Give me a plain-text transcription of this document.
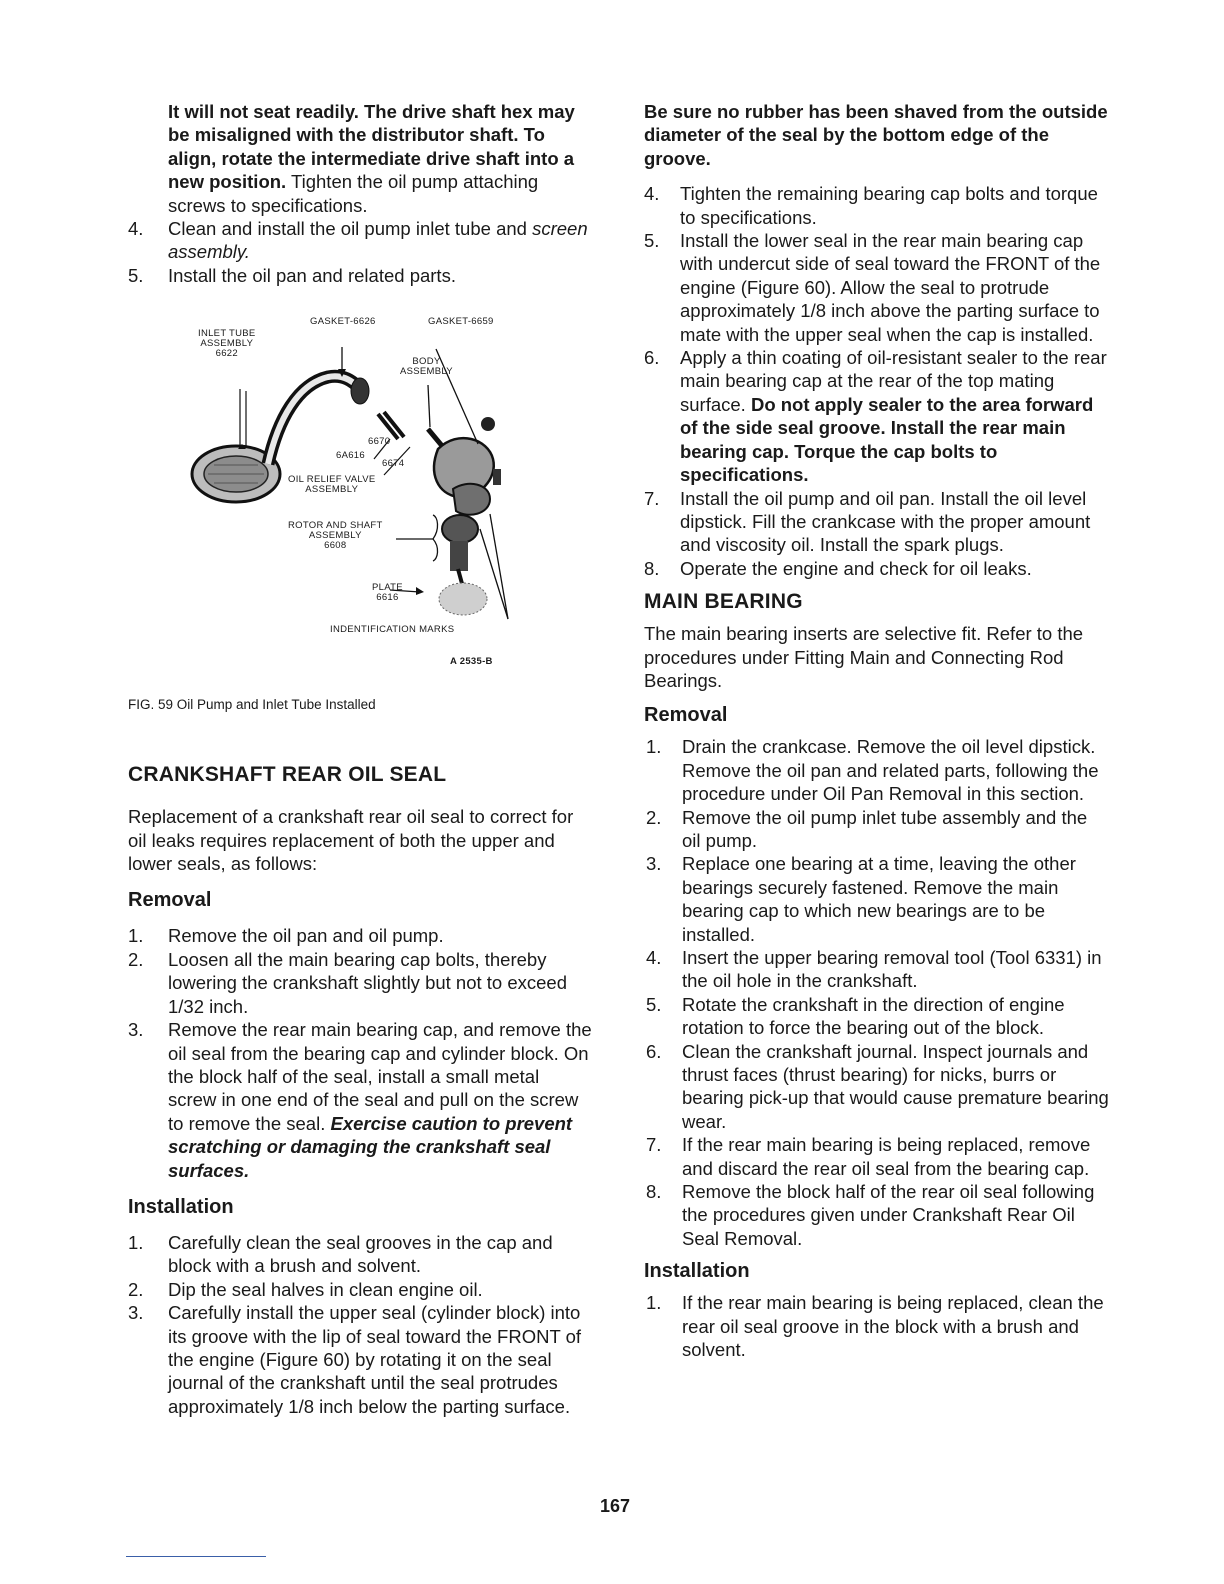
It will not seat readily. The drive shaft hex may be misaligned with the distributor shaft. To align, rotate the intermediate drive shaft into a new position. Tighten the oil pump attaching screws to specifications.
4. Clean and install the oil pump inlet tube and screen assembly.
5. Install the oil pan and related parts.
INLET TUBE
ASSEMBLY
6622
GASKET-6626	GASKET-6659
BODY
ASSEMBLY
6670
6A616
6674
OIL RELIEF VALVE
ASSEMBLY
ROTOR AND SHAFT
ASSEMBLY
6608
PLATE
6616
INDENTIFICATION MARKS
A 2535-B

FIG. 59 Oil Pump and Inlet Tube Installed

CRANKSHAFT REAR OIL SEAL

Replacement of a crankshaft rear oil seal to correct for oil leaks requires replacement of both the upper and lower seals, as follows:

Removal
1. Remove the oil pan and oil pump.
2. Loosen all the main bearing cap bolts, thereby lowering the crankshaft slightly but not to exceed 1/32 inch.
3. Remove the rear main bearing cap, and remove the oil seal from the bearing cap and cylinder block. On the block half of the seal, install a small metal screw in one end of the seal and pull on the screw to remove the seal. Exercise caution to prevent scratching or damaging the crankshaft seal surfaces.
Installation
1. Carefully clean the seal grooves in the cap and block with a brush and solvent.
2. Dip the seal halves in clean engine oil.
3. Carefully install the upper seal (cylinder block) into its groove with the lip of seal toward the FRONT of the engine (Figure 60) by rotating it on the seal journal of the crankshaft until the seal protrudes approximately 1/8 inch below the parting surface.

Be sure no rubber has been shaved from the outside diameter of the seal by the bottom edge of the groove.

4. Tighten the remaining bearing cap bolts and torque to specifications.
5. Install the lower seal in the rear main bearing cap with undercut side of seal toward the FRONT of the engine (Figure 60). Allow the seal to protrude approximately 1/8 inch above the parting surface to mate with the upper seal when the cap is installed.
6. Apply a thin coating of oil-resistant sealer to the rear main bearing cap at the rear of the top mating surface. Do not apply sealer to the area forward of the side seal groove. Install the rear main bearing cap. Torque the cap bolts to specifications.
7. Install the oil pump and oil pan. Install the oil level dipstick. Fill the crankcase with the proper amount and viscosity oil. Install the spark plugs.
8. Operate the engine and check for oil leaks.
MAIN BEARING

The main bearing inserts are selective fit. Refer to the procedures under Fitting Main and Connecting Rod Bearings.

Removal
1. Drain the crankcase. Remove the oil level dipstick. Remove the oil pan and related parts, following the procedure under Oil Pan Removal in this section.
2. Remove the oil pump inlet tube assembly and the oil pump.
3. Replace one bearing at a time, leaving the other bearings securely fastened. Remove the main bearing cap to which new bearings are to be installed.
4. Insert the upper bearing removal tool (Tool 6331) in the oil hole in the crankshaft.
5. Rotate the crankshaft in the direction of engine rotation to force the bearing out of the block.
6. Clean the crankshaft journal. Inspect journals and thrust faces (thrust bearing) for nicks, burrs or bearing pick-up that would cause premature bearing wear.
7. If the rear main bearing is being replaced, remove and discard the rear oil seal from the bearing cap.
8. Remove the block half of the rear oil seal following the procedures given under Crankshaft Rear Oil Seal Removal.
Installation
1. If the rear main bearing is being replaced, clean the rear oil seal groove in the block with a brush and solvent.
167
